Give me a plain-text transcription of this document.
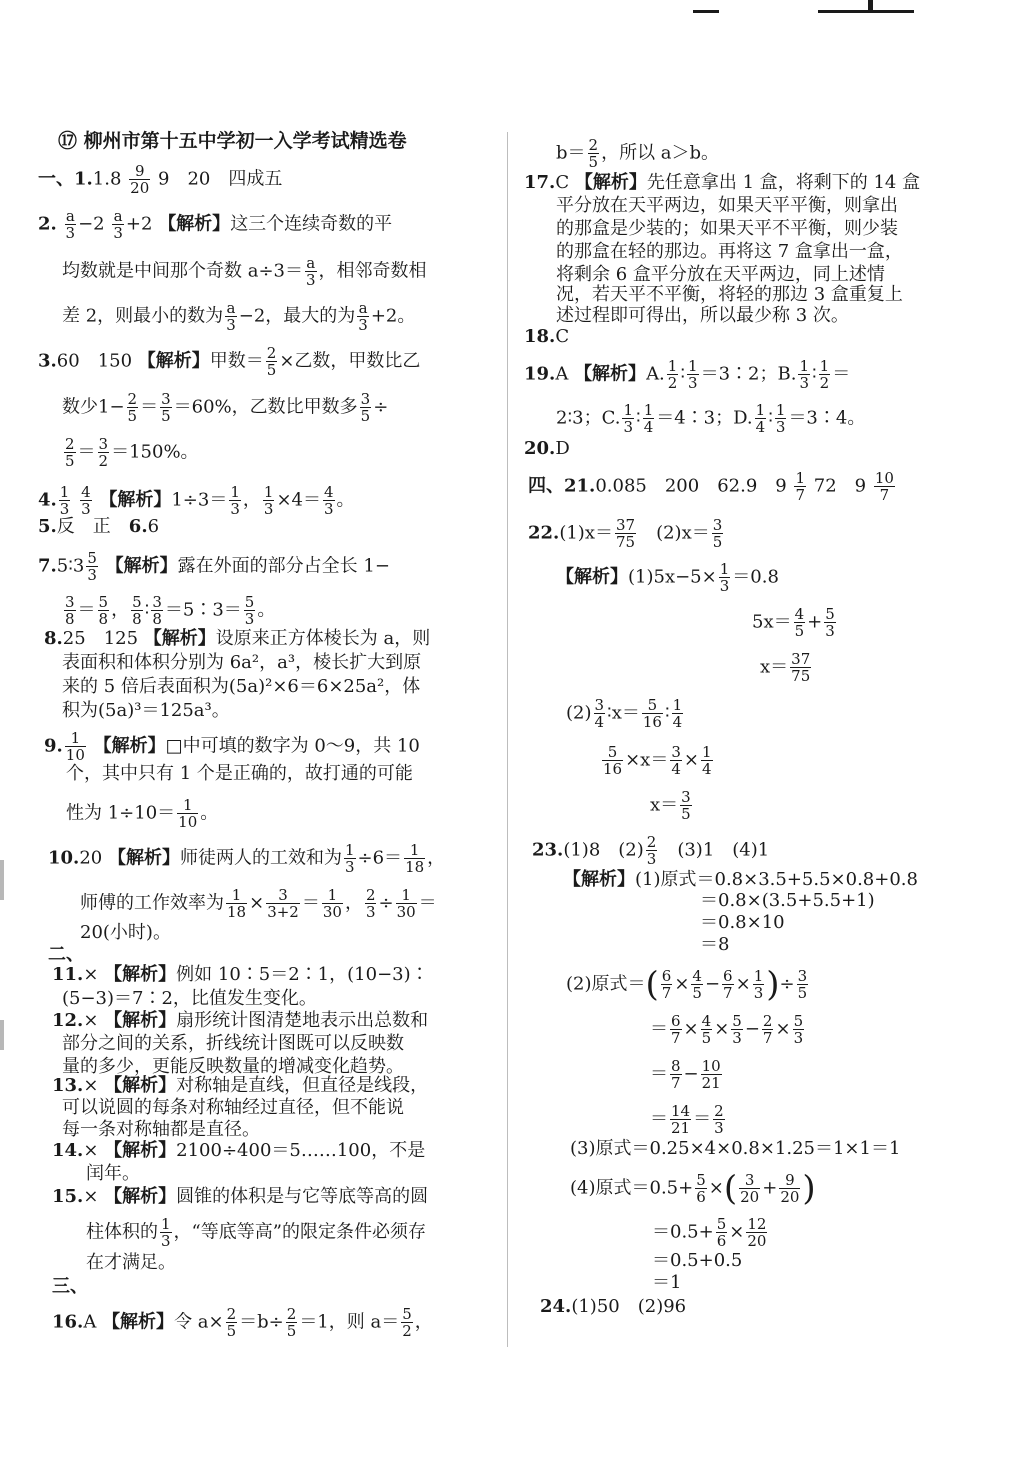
⑰ 柳州市第十五中学初一入学考试精选卷
一、$1.1.8 \frac{9}{20} 9$　20　四成五
2. $\frac{a}{3} -2 \frac{a}{3} +2$ 【解析】这三个连续奇数的平
均数就是中间那个奇数 $a\div 3= \frac{a}{3}$ ，相邻奇数相
差 2，则最小的数为 $\frac{a}{3} -2$，最大的为 $\frac{a}{3} +2$。
3.60　150 【解析】甲数＝ $\frac{2}{5}$ ×乙数，甲数比乙
数少$1- \frac{2}{5} = \frac{3}{5} =60\%$，乙数比甲数多 $\frac{3}{5}$ ÷
$\frac{2}{5} = \frac{3}{2} =150\%$。
4. $\frac{1}{3}$
$\frac{4}{3}$ 【解析】$1\div 3= \frac{1}{3}$ ， $\frac{1}{3} \times 4= \frac{4}{3}$ 。
5.反　正　 6.6
7.5∶3 $\frac{5}{3}$ 【解析】露在外面的部分占全长 1−
$\frac{3}{8} = \frac{5}{8}$ ， $\frac{5}{8}$ ∶ $\frac{3}{8}$ ＝5∶3＝ $\frac{5}{3}$ 。
8.25　125 【解析】设原来正方体棱长为 a，则
表面积和体积分别为 6a²，a³，棱长扩大到原
来的 5 倍后表面积为(5a)²×6＝6×25a²，体
积为(5a)³＝125a³。
9. $\frac{1}{10}$ 【解析】□中可填的数字为 0～9，共 10
个，其中只有 1 个是正确的，故打通的可能
性为 $1\div 10= \frac{1}{10}$ 。
10.20 【解析】师徒两人的工效和为 $\frac{1}{3} \div 6= \frac{1}{18}$ ，
师傅的工作效率为 $\frac{1}{18} \times \frac{3}{3+2} = \frac{1}{30}$ ， $\frac{2}{3} \div \frac{1}{30}$ ＝
20(小时)。
二、
11.× 【解析】例如 10∶5＝2∶1，(10−3)∶
(5−3)＝7∶2，比值发生变化。
12.× 【解析】扇形统计图清楚地表示出总数和
部分之间的关系，折线统计图既可以反映数
量的多少，更能反映数量的增减变化趋势。
13.× 【解析】对称轴是直线，但直径是线段，
可以说圆的每条对称轴经过直径，但不能说
每一条对称轴都是直径。
14.× 【解析】2100÷400＝5……100，不是
闰年。
15.× 【解析】圆锥的体积是与它等底等高的圆
柱体积的 $\frac{1}{3}$ ，“等底等高”的限定条件必须存
在才满足。
三、
16.A 【解析】令 $a\times \frac{2}{5} =b\div \frac{2}{5} =1$，则 $a= \frac{5}{2}$ ，
$b= \frac{2}{5}$ ，所以 a＞b。
17.C 【解析】先任意拿出 1 盒，将剩下的 14 盒
平分放在天平两边，如果天平平衡，则拿出
的那盒是少装的；如果天平不平衡，则少装
的那盒在轻的那边。再将这 7 盒拿出一盒，
将剩余 6 盒平分放在天平两边，同上述情
况，若天平不平衡，将轻的那边 3 盒重复上
述过程即可得出，所以最少称 3 次。
18.C
19.A 【解析】A. $\frac{1}{2}$ ∶ $\frac{1}{3}$ ＝3∶2；B. $\frac{1}{3}$ ∶ $\frac{1}{2}$ ＝
2∶3；C. $\frac{1}{3}$ ∶ $\frac{1}{4}$ ＝4∶3；D. $\frac{1}{4}$ ∶ $\frac{1}{3}$ ＝3∶4。
20.D
四、21.0.085　200　62.9　$9 \frac{1}{7} 72$　$9 \frac{10}{7}$
$22.(1)x= \frac{37}{75}$
　 $(2)x= \frac{3}{5}$
【解析】$(1)5x-5\times \frac{1}{3} =0.8$
$5x= \frac{4}{5} + \frac{5}{3}$
$x= \frac{37}{75}$
$(2) \frac{3}{4}$ ∶x＝ $\frac{5}{16}$ ∶ $\frac{1}{4}$
$\frac{5}{16} \times x= \frac{3}{4} \times \frac{1}{4}$
$x= \frac{3}{5}$
23.(1)8　 $(2) \frac{2}{3}$
　 (3)1　(4)1
【解析】(1)原式＝0.8×3.5+5.5×0.8+0.8
＝0.8×(3.5+5.5+1)
＝0.8×10
＝8
(2)原式＝( $\frac{6}{7} \times \frac{4}{5} - \frac{6}{7} \times \frac{1}{3}$ )÷ $\frac{3}{5}$
＝ $\frac{6}{7} \times \frac{4}{5} \times \frac{5}{3} - \frac{2}{7} \times \frac{5}{3}$
＝ $\frac{8}{7} - \frac{10}{21}$
＝ $\frac{14}{21} = \frac{2}{3}$
(3)原式＝0.25×4×0.8×1.25＝1×1＝1
(4)原式$=0.5+ \frac{5}{6}$ ×( $\frac{3}{20} + \frac{9}{20}$ )
$=0.5+ \frac{5}{6} \times \frac{12}{20}$
＝0.5+0.5
＝1
24.(1)50　(2)96
